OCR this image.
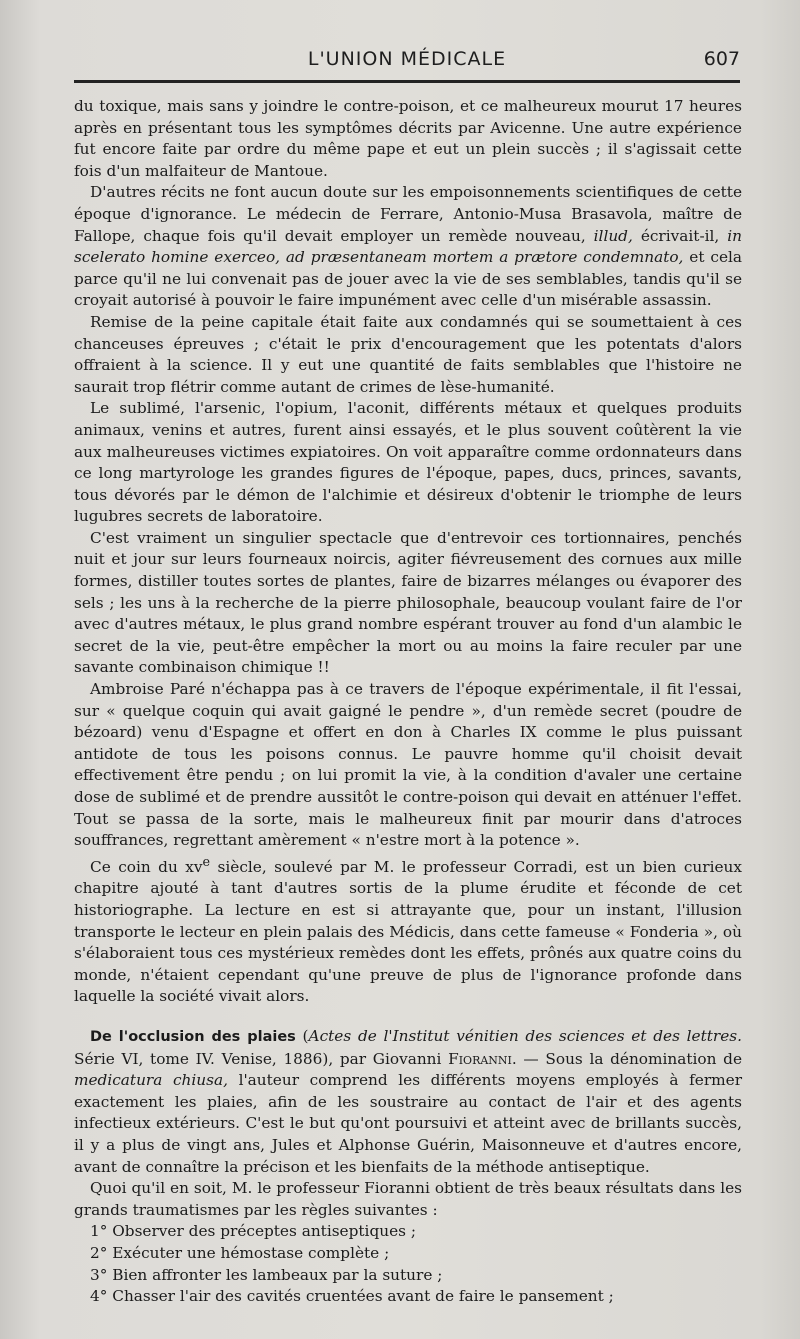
L'UNION MÉDICALE	607

du toxique, mais sans y joindre le contre-poison, et ce malheureux mourut 17 heures après en présentant tous les symptômes décrits par Avicenne. Une autre expérience fut encore faite par ordre du même pape et eut un plein succès ; il s'agissait cette fois d'un malfaiteur de Mantoue.

D'autres récits ne font aucun doute sur les empoisonnements scientifiques de cette époque d'ignorance. Le médecin de Ferrare, Antonio-Musa Brasavola, maître de Fallope, chaque fois qu'il devait employer un remède nouveau, illud, écrivait-il, in scelerato homine exerceo, ad præsentaneam mortem a prætore condemnato, et cela parce qu'il ne lui convenait pas de jouer avec la vie de ses semblables, tandis qu'il se croyait autorisé à pouvoir le faire impunément avec celle d'un misérable assassin.

Remise de la peine capitale était faite aux condamnés qui se soumettaient à ces chanceuses épreuves ; c'était le prix d'encouragement que les potentats d'alors offraient à la science. Il y eut une quantité de faits semblables que l'histoire ne saurait trop flétrir comme autant de crimes de lèse-humanité.

Le sublimé, l'arsenic, l'opium, l'aconit, différents métaux et quelques produits animaux, venins et autres, furent ainsi essayés, et le plus souvent coûtèrent la vie aux malheureuses victimes expiatoires. On voit apparaître comme ordonnateurs dans ce long martyrologe les grandes figures de l'époque, papes, ducs, princes, savants, tous dévorés par le démon de l'alchimie et désireux d'obtenir le triomphe de leurs lugubres secrets de laboratoire.

C'est vraiment un singulier spectacle que d'entrevoir ces tortionnaires, penchés nuit et jour sur leurs fourneaux noircis, agiter fiévreusement des cornues aux mille formes, distiller toutes sortes de plantes, faire de bizarres mélanges ou évaporer des sels ; les uns à la recherche de la pierre philosophale, beaucoup voulant faire de l'or avec d'autres métaux, le plus grand nombre espérant trouver au fond d'un alambic le secret de la vie, peut-être empêcher la mort ou au moins la faire reculer par une savante combinaison chimique !!

Ambroise Paré n'échappa pas à ce travers de l'époque expérimentale, il fit l'essai, sur « quelque coquin qui avait gaigné le pendre », d'un remède secret (poudre de bézoard) venu d'Espagne et offert en don à Charles IX comme le plus puissant antidote de tous les poisons connus. Le pauvre homme qu'il choisit devait effectivement être pendu ; on lui promit la vie, à la condition d'avaler une certaine dose de sublimé et de prendre aussitôt le contre-poison qui devait en atténuer l'effet. Tout se passa de la sorte, mais le malheureux finit par mourir dans d'atroces souffrances, regrettant amèrement « n'estre mort à la potence ».

Ce coin du $xv^e$ siècle, soulevé par M. le professeur Corradi, est un bien curieux chapitre ajouté à tant d'autres sortis de la plume érudite et féconde de cet historiographe. La lecture en est si attrayante que, pour un instant, l'illusion transporte le lecteur en plein palais des Médicis, dans cette fameuse « Fonderia », où s'élaboraient tous ces mystérieux remèdes dont les effets, prônés aux quatre coins du monde, n'étaient cependant qu'une preuve de plus de l'ignorance profonde dans laquelle la société vivait alors.

De l'occlusion des plaies (Actes de l'Institut vénitien des sciences et des lettres. Série VI, tome IV. Venise, 1886), par Giovanni Fioranni. — Sous la dénomination de medicatura chiusa, l'auteur comprend les différents moyens employés à fermer exactement les plaies, afin de les soustraire au contact de l'air et des agents infectieux extérieurs. C'est le but qu'ont poursuivi et atteint avec de brillants succès, il y a plus de vingt ans, Jules et Alphonse Guérin, Maisonneuve et d'autres encore, avant de connaître la précison et les bienfaits de la méthode antiseptique.

Quoi qu'il en soit, M. le professeur Fioranni obtient de très beaux résultats dans les grands traumatismes par les règles suivantes :

1° Observer des préceptes antiseptiques ;

2° Exécuter une hémostase complète ;

3° Bien affronter les lambeaux par la suture ;

4° Chasser l'air des cavités cruentées avant de faire le pansement ;
